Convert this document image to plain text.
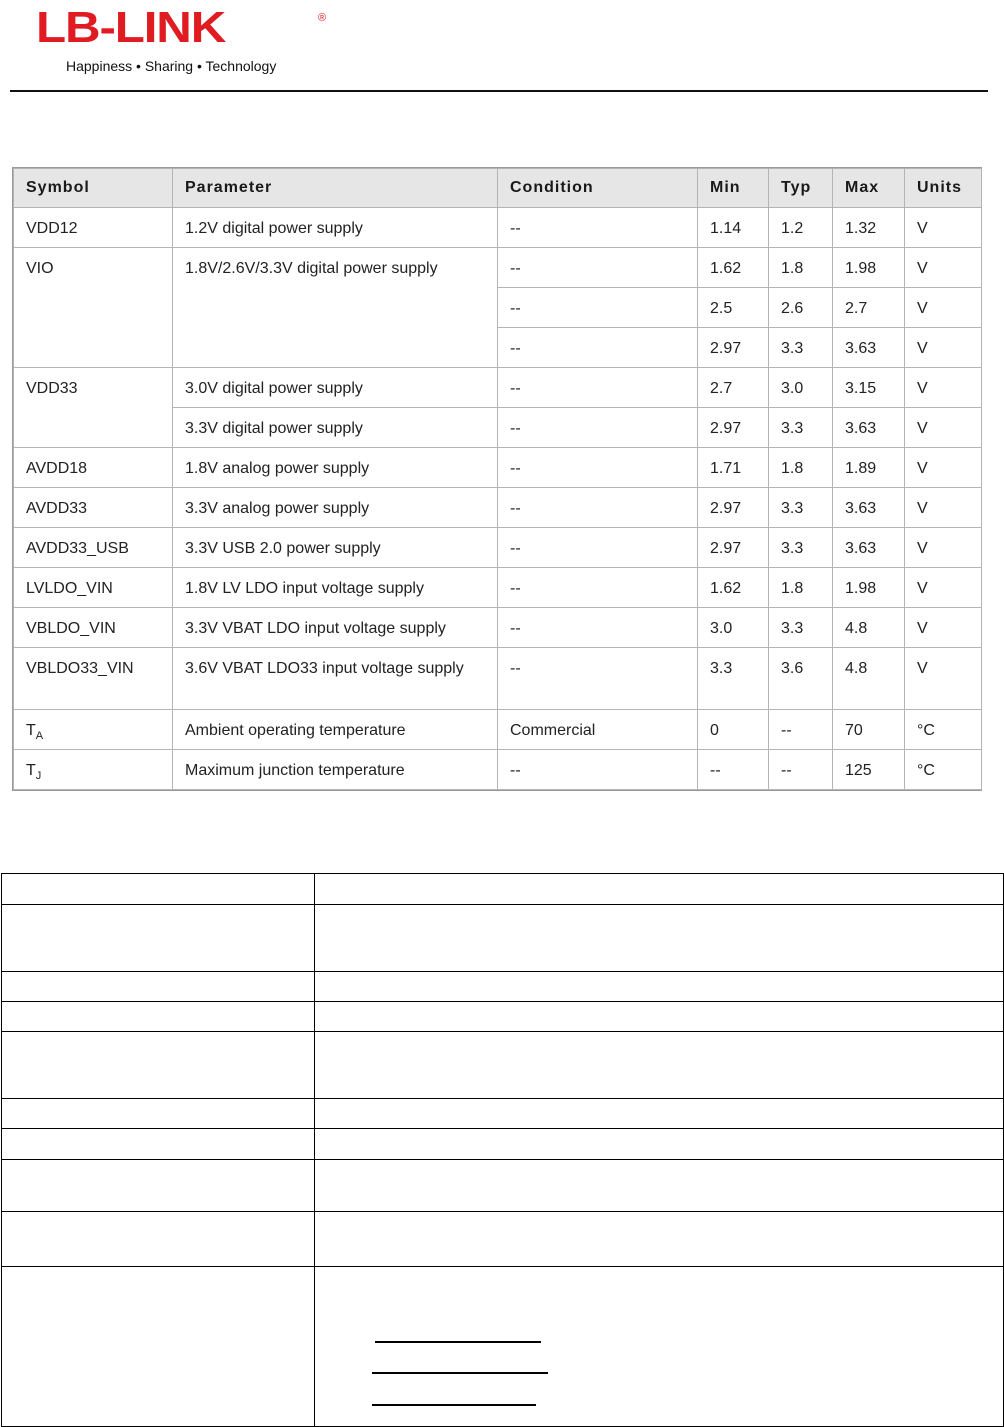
LB-LINK	®
Happiness • Sharing • Technology
Symbol	Parameter	Condition	Min	Typ	Max	Units
VDD12	1.2V digital power supply	--	1.14	1.2	1.32	V
VIO	1.8V/2.6V/3.3V digital power supply	--	1.62	1.8	1.98	V
		--	2.5	2.6	2.7	V
		--	2.97	3.3	3.63	V
VDD33	3.0V digital power supply	--	2.7	3.0	3.15	V
	3.3V digital power supply	--	2.97	3.3	3.63	V
AVDD18	1.8V analog power supply	--	1.71	1.8	1.89	V
AVDD33	3.3V analog power supply	--	2.97	3.3	3.63	V
AVDD33_USB	3.3V USB 2.0 power supply	--	2.97	3.3	3.63	V
LVLDO_VIN	1.8V LV LDO input voltage supply	--	1.62	1.8	1.98	V
VBLDO_VIN	3.3V VBAT LDO input voltage supply	--	3.0	3.3	4.8	V
VBLDO33_VIN	3.6V VBAT LDO33 input voltage supply	--	3.3	3.6	4.8	V
$T_A$	Ambient operating temperature	Commercial	0	--	70	°C
$T_J$	Maximum junction temperature	--	--	--	125	°C
